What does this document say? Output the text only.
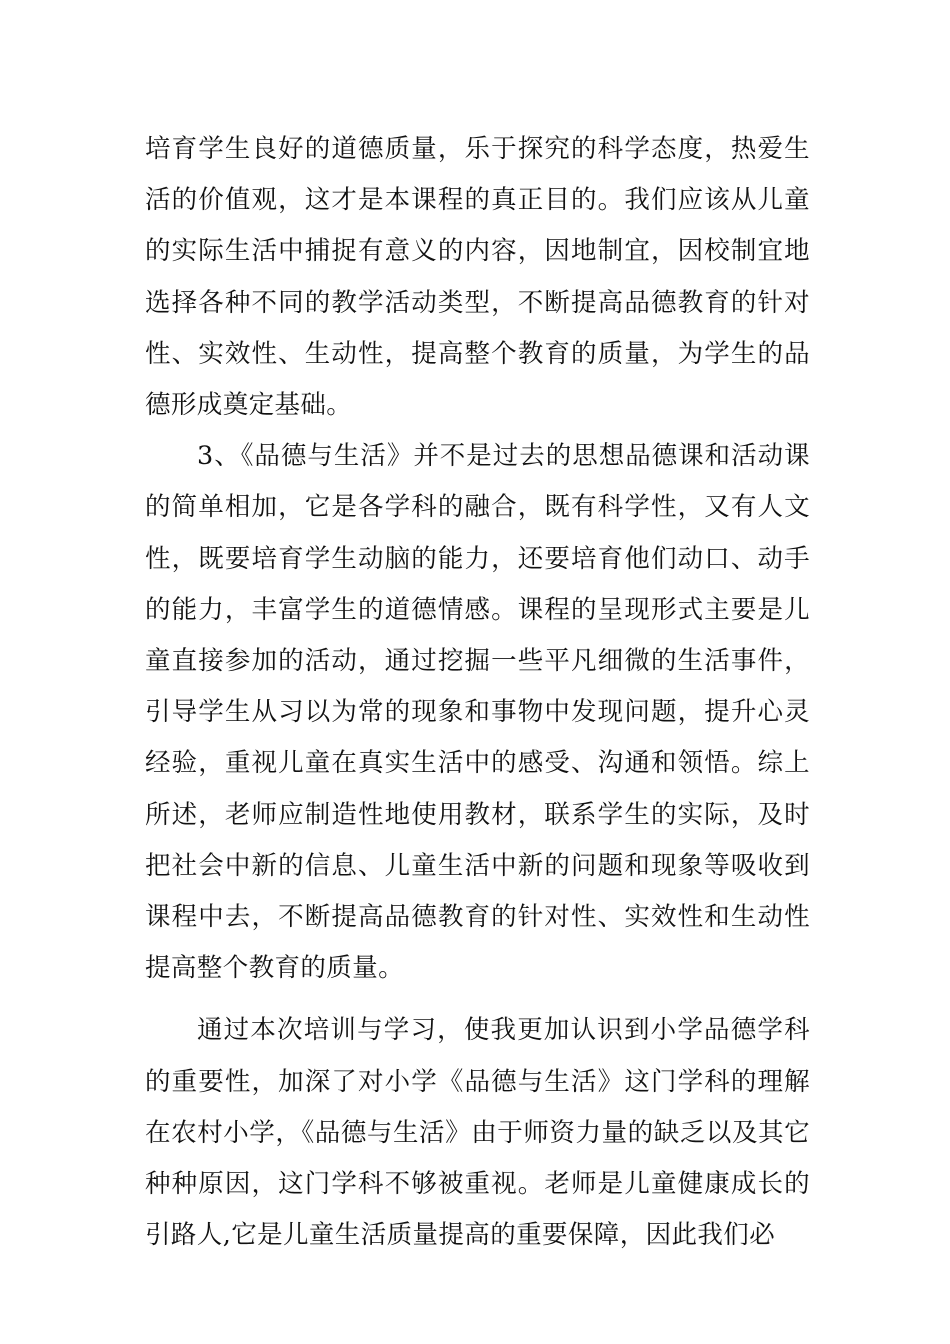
培育学生良好的道德质量，乐于探究的科学态度，热爱生活的价值观，这才是本课程的真正目的。我们应该从儿童的实际生活中捕捉有意义的内容，因地制宜，因校制宜地选择各种不同的教学活动类型，不断提高品德教育的针对性、实效性、生动性，提高整个教育的质量，为学生的品德形成奠定基础。

3、《品德与生活》并不是过去的思想品德课和活动课的简单相加，它是各学科的融合，既有科学性，又有人文性，既要培育学生动脑的能力，还要培育他们动口、动手的能力，丰富学生的道德情感。课程的呈现形式主要是儿童直接参加的活动，通过挖掘一些平凡细微的生活事件，引导学生从习以为常的现象和事物中发现问题，提升心灵经验，重视儿童在真实生活中的感受、沟通和领悟。综上所述，老师应制造性地使用教材，联系学生的实际，及时把社会中新的信息、儿童生活中新的问题和现象等吸收到课程中去，不断提高品德教育的针对性、实效性和生动性提高整个教育的质量。

通过本次培训与学习，使我更加认识到小学品德学科的重要性，加深了对小学《品德与生活》这门学科的理解在农村小学，《品德与生活》由于师资力量的缺乏以及其它种种原因，这门学科不够被重视。老师是儿童健康成长的引路人,它是儿童生活质量提高的重要保障，因此我们必
